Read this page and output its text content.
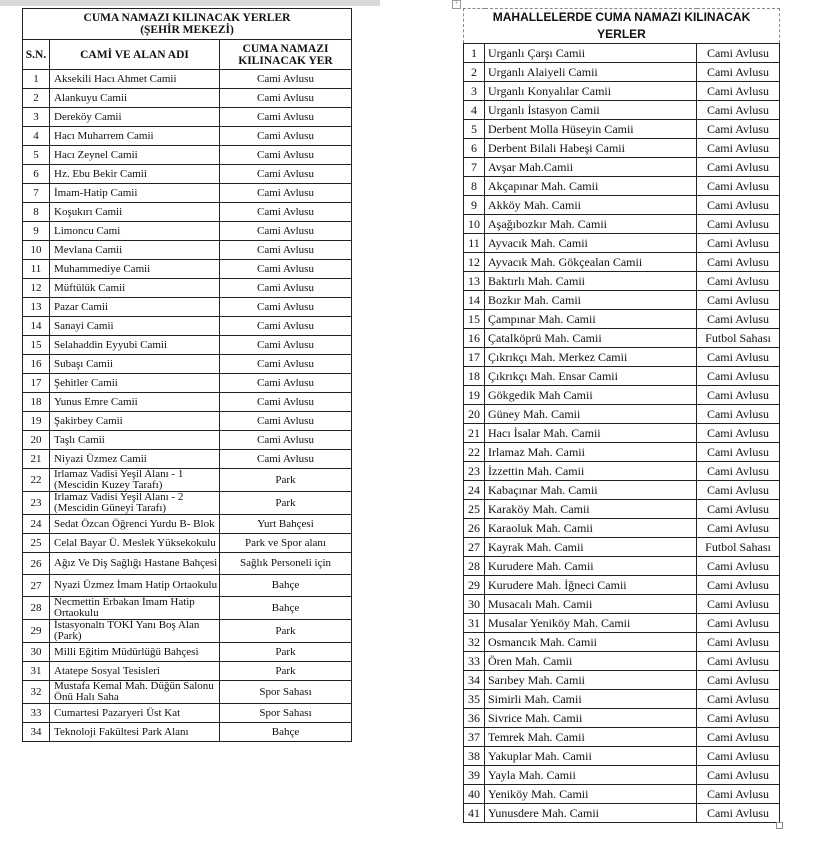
+
CUMA NAMAZI KILINACAK YERLER
(ŞEHİR MEKEZİ)		

S.N.	CAMİ VE ALAN ADI	CUMA NAMAZI
KILINACAK YER

1	Aksekili Hacı Ahmet Camii	Cami Avlusu
2	Alankuyu Camii	Cami Avlusu
3	Dereköy Camii	Cami Avlusu
4	Hacı Muharrem Camii	Cami Avlusu
5	Hacı Zeynel Camii	Cami Avlusu
6	Hz. Ebu Bekir Camii	Cami Avlusu
7	İmam-Hatip Camii	Cami Avlusu
8	Koşukırı Camii	Cami Avlusu
9	Limoncu Cami	Cami Avlusu
10	Mevlana Camii	Cami Avlusu
11	Muhammediye Camii	Cami Avlusu
12	Müftülük Camii	Cami Avlusu
13	Pazar Camii	Cami Avlusu
14	Sanayi Camii	Cami Avlusu
15	Selahaddin Eyyubi Camii	Cami Avlusu
16	Subaşı Camii	Cami Avlusu
17	Şehitler Camii	Cami Avlusu
18	Yunus Emre Camii	Cami Avlusu
19	Şakirbey Camii	Cami Avlusu
20	Taşlı Camii	Cami Avlusu
21	Niyazi Üzmez Camii	Cami Avlusu
22	Irlamaz Vadisi Yeşil Alanı - 1 (Mescidin Kuzey Tarafı)	Park
23	Irlamaz Vadisi Yeşil Alanı - 2 (Mescidin Güneyi Tarafı)	Park
24	Sedat Özcan Öğrenci Yurdu B- Blok	Yurt Bahçesi
25	Celal Bayar Ü. Meslek Yüksekokulu	Park ve Spor alanı
26	Ağız Ve Diş Sağlığı Hastane Bahçesi	Sağlık Personeli için
27	Nyazi Üzmez İmam Hatip Ortaokulu	Bahçe
28	Necmettin Erbakan İmam Hatip Ortaokulu	Bahçe
29	İstasyonaltı TOKİ Yanı Boş Alan (Park)	Park
30	Milli Eğitim Müdürlüğü Bahçesi	Park
31	Atatepe Sosyal Tesisleri	Park
32	Mustafa Kemal Mah. Düğün Salonu Önü Halı Saha	Spor Sahası
33	Cumartesi Pazaryeri Üst Kat	Spor Sahası
34	Teknoloji Fakültesi Park Alanı	Bahçe
MAHALLELERDE CUMA NAMAZI KILINACAK
YERLER		

1	Urganlı Çarşı Camii	Cami Avlusu
2	Urganlı Alaiyeli Camii	Cami Avlusu
3	Urganlı Konyalılar Camii	Cami Avlusu
4	Urganlı İstasyon Camii	Cami Avlusu
5	Derbent Molla Hüseyin Camii	Cami Avlusu
6	Derbent Bilali Habeşi Camii	Cami Avlusu
7	Avşar Mah.Camii	Cami Avlusu
8	Akçapınar Mah. Camii	Cami Avlusu
9	Akköy Mah. Camii	Cami Avlusu
10	Aşağıbozkır Mah. Camii	Cami Avlusu
11	Ayvacık Mah. Camii	Cami Avlusu
12	Ayvacık Mah. Gökçealan Camii	Cami Avlusu
13	Baktırlı Mah. Camii	Cami Avlusu
14	Bozkır Mah. Camii	Cami Avlusu
15	Çampınar Mah. Camii	Cami Avlusu
16	Çatalköprü Mah. Camii	Futbol Sahası
17	Çıkrıkçı Mah. Merkez Camii	Cami Avlusu
18	Çıkrıkçı Mah. Ensar Camii	Cami Avlusu
19	Gökgedik Mah Camii	Cami Avlusu
20	Güney Mah. Camii	Cami Avlusu
21	Hacı İsalar Mah. Camii	Cami Avlusu
22	Irlamaz Mah. Camii	Cami Avlusu
23	İzzettin Mah. Camii	Cami Avlusu
24	Kabaçınar Mah. Camii	Cami Avlusu
25	Karaköy Mah. Camii	Cami Avlusu
26	Karaoluk Mah. Camii	Cami Avlusu
27	Kayrak Mah. Camii	Futbol Sahası
28	Kurudere Mah. Camii	Cami Avlusu
29	Kurudere Mah. İğneci Camii	Cami Avlusu
30	Musacalı Mah. Camii	Cami Avlusu
31	Musalar Yeniköy Mah. Camii	Cami Avlusu
32	Osmancık Mah. Camii	Cami Avlusu
33	Ören Mah. Camii	Cami Avlusu
34	Sarıbey Mah. Camii	Cami Avlusu
35	Simirli Mah. Camii	Cami Avlusu
36	Sivrice Mah. Camii	Cami Avlusu
37	Temrek Mah. Camii	Cami Avlusu
38	Yakuplar Mah. Camii	Cami Avlusu
39	Yayla Mah. Camii	Cami Avlusu
40	Yeniköy Mah. Camii	Cami Avlusu
41	Yunusdere Mah. Camii	Cami Avlusu
